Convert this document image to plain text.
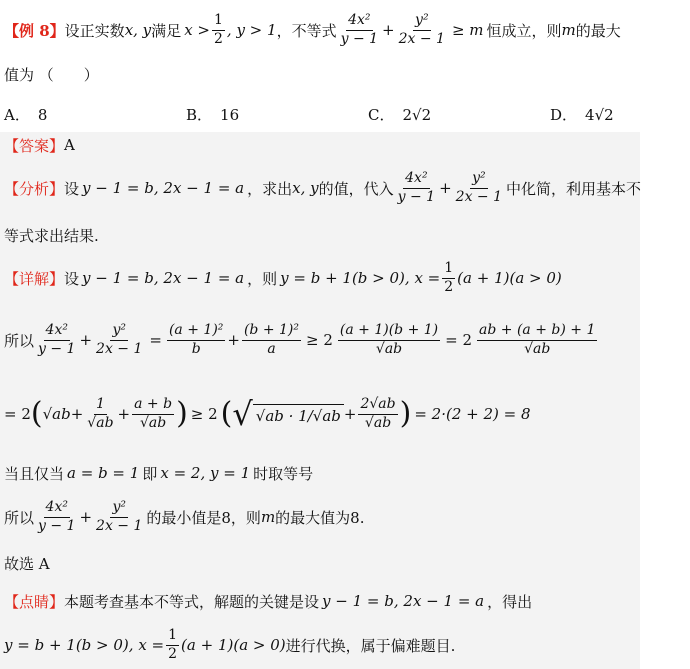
【例 8】 设正实数 x, y 满足 $x > \frac{1}{2}$ , y > 1 ，不等式 $\frac{\text{4x²}}{y - 1} + \frac{\text{y²}}{2x - 1} \ge m$ 恒成立，则 m 的最大
值为 （　　）
A． 8	B． 16	C． 2√2	D． 4√2
【答案】 A
【分析】 设 y − 1 = b, 2x − 1 = a ，求出 x, y 的值，代入 $\frac{\text{4x²}}{y - 1} + \frac{\text{y²}}{2x - 1}$ 中化简，利用基本不
等式求出结果.
【详解】 设 y − 1 = b, 2x − 1 = a ，则 y = b + 1(b > 0), $x = \frac{1}{2} (a + 1)(a > 0)$
所以 $\frac{\text{4x²}}{y - 1} + \frac{\text{y²}}{2x - 1} = \frac{\text{(a + 1)²}}{b} + \frac{\text{(b + 1)²}}{a} \ge 2 \frac{(a + 1)(b + 1)}{√ab} = 2 \frac{ab + (a + b) + 1}{√ab}$
= 2 ( $√ab + \frac{1}{√ab} + \frac{a + b}{√ab}$ ) ≥ 2 ( √ $√ab \cdot 1/√ab + \frac{2√ab}{√ab}$ ) = 2·(2 + 2) = 8
当且仅当 a = b = 1 即 x = 2, y = 1 时取等号
所以 $\frac{\text{4x²}}{y - 1} + \frac{\text{y²}}{2x - 1}$ 的最小值是8，则 m 的最大值为8.
故选 A
【点睛】 本题考查基本不等式，解题的关键是设 y − 1 = b, 2x − 1 = a ，得出
y = b + 1(b > 0), $x = \frac{1}{2} (a + 1)(a > 0)$ 进行代换，属于偏难题目.
